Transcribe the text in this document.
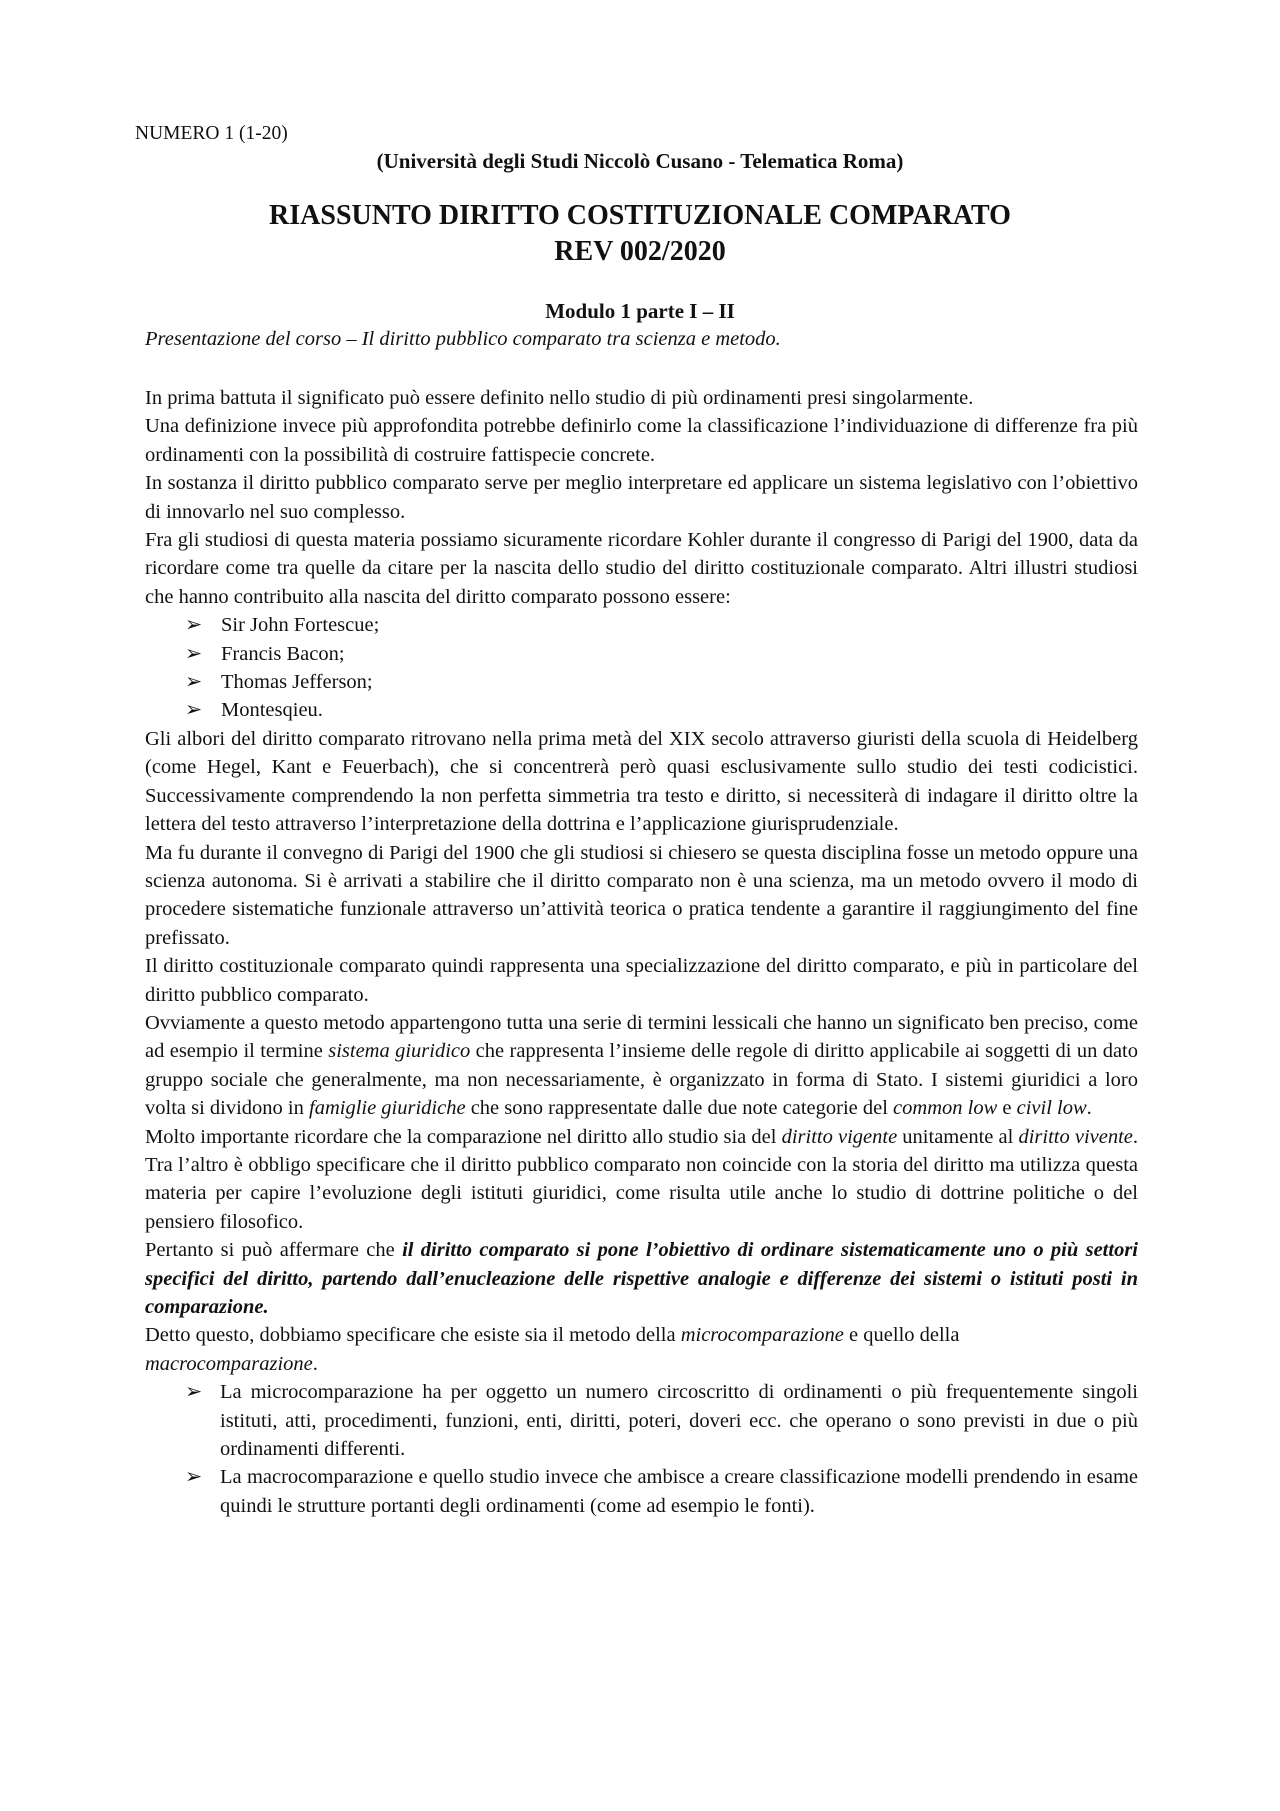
NUMERO 1 (1-20)
(Università degli Studi Niccolò Cusano - Telematica Roma)
RIASSUNTO DIRITTO COSTITUZIONALE COMPARATO
REV 002/2020
Modulo 1 parte I – II
Presentazione del corso – Il diritto pubblico comparato tra scienza e metodo.

In prima battuta il significato può essere definito nello studio di più ordinamenti presi singolarmente.

Una definizione invece più approfondita potrebbe definirlo come la classificazione l’individuazione di differenze fra più ordinamenti con la possibilità di costruire fattispecie concrete.

In sostanza il diritto pubblico comparato serve per meglio interpretare ed applicare un sistema legislativo con l’obiettivo di innovarlo nel suo complesso.

Fra gli studiosi di questa materia possiamo sicuramente ricordare Kohler durante il congresso di Parigi del 1900, data da ricordare come tra quelle da citare per la nascita dello studio del diritto costituzionale comparato. Altri illustri studiosi che hanno contribuito alla nascita del diritto comparato possono essere:

➢ Sir John Fortescue;
➢ Francis Bacon;
➢ Thomas Jefferson;
➢ Montesqieu.

Gli albori del diritto comparato ritrovano nella prima metà del XIX secolo attraverso giuristi della scuola di Heidelberg (come Hegel, Kant e Feuerbach), che si concentrerà però quasi esclusivamente sullo studio dei testi codicistici. Successivamente comprendendo la non perfetta simmetria tra testo e diritto, si necessiterà di indagare il diritto oltre la lettera del testo attraverso l’interpretazione della dottrina e l’applicazione giurisprudenziale.

Ma fu durante il convegno di Parigi del 1900 che gli studiosi si chiesero se questa disciplina fosse un metodo oppure una scienza autonoma. Si è arrivati a stabilire che il diritto comparato non è una scienza, ma un metodo ovvero il modo di procedere sistematiche funzionale attraverso un’attività teorica o pratica tendente a garantire il raggiungimento del fine prefissato.

Il diritto costituzionale comparato quindi rappresenta una specializzazione del diritto comparato, e più in particolare del diritto pubblico comparato.

Ovviamente a questo metodo appartengono tutta una serie di termini lessicali che hanno un significato ben preciso, come ad esempio il termine sistema giuridico che rappresenta l’insieme delle regole di diritto applicabile ai soggetti di un dato gruppo sociale che generalmente, ma non necessariamente, è organizzato in forma di Stato. I sistemi giuridici a loro volta si dividono in famiglie giuridiche che sono rappresentate dalle due note categorie del common low e civil low.

Molto importante ricordare che la comparazione nel diritto allo studio sia del diritto vigente unitamente al diritto vivente. Tra l’altro è obbligo specificare che il diritto pubblico comparato non coincide con la storia del diritto ma utilizza questa materia per capire l’evoluzione degli istituti giuridici, come risulta utile anche lo studio di dottrine politiche o del pensiero filosofico.

Pertanto si può affermare che il diritto comparato si pone l’obiettivo di ordinare sistematicamente uno o più settori specifici del diritto, partendo dall’enucleazione delle rispettive analogie e differenze dei sistemi o istituti posti in comparazione.

Detto questo, dobbiamo specificare che esiste sia il metodo della microcomparazione e quello della
macrocomparazione.

➢ La microcomparazione ha per oggetto un numero circoscritto di ordinamenti o più frequentemente singoli istituti, atti, procedimenti, funzioni, enti, diritti, poteri, doveri ecc. che operano o sono previsti in due o più ordinamenti differenti.
➢ La macrocomparazione e quello studio invece che ambisce a creare classificazione modelli prendendo in esame quindi le strutture portanti degli ordinamenti (come ad esempio le fonti).
